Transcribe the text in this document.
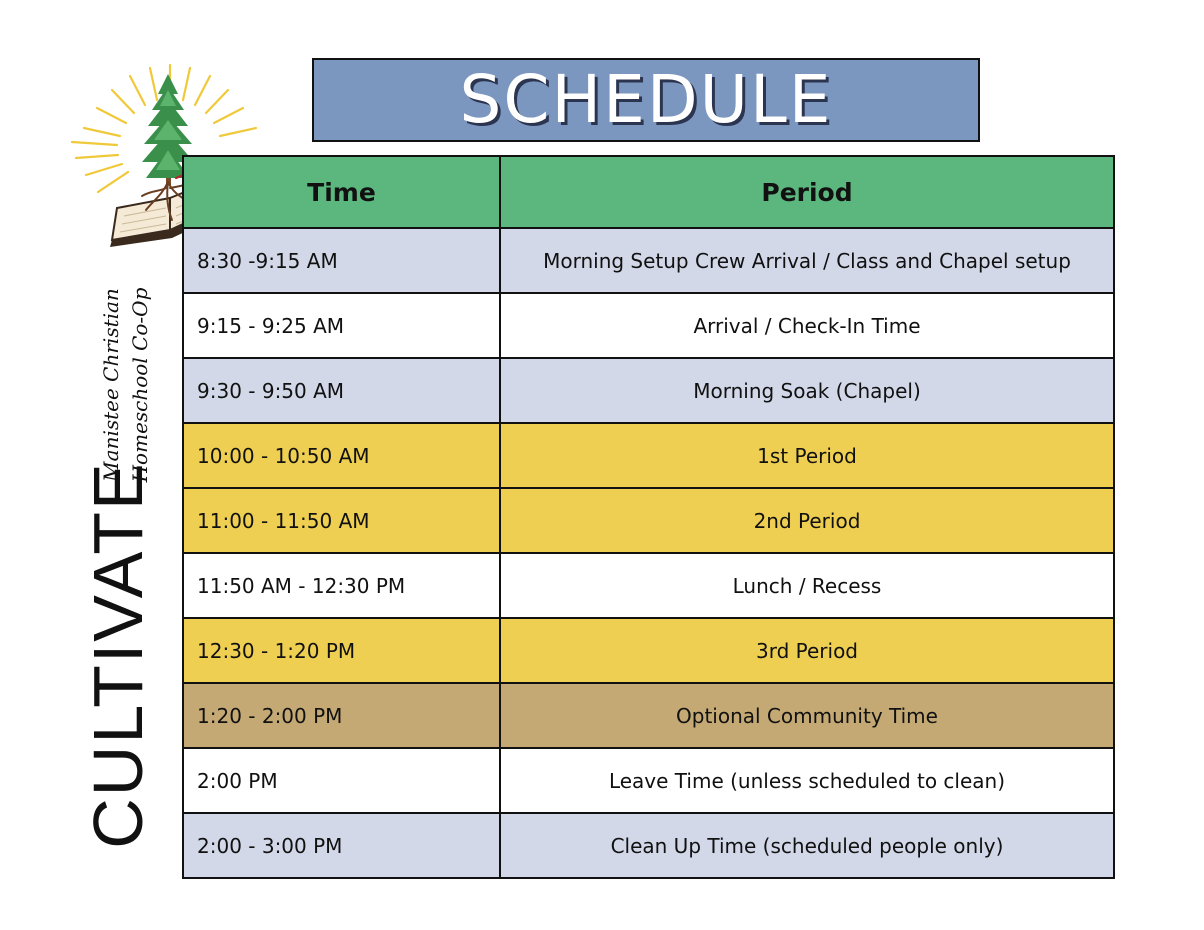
SCHEDULE
Manistee Christian Homeschool Co-Op
CULTIVATE
Time	Period
8:30 -9:15 AM	Morning Setup Crew Arrival / Class and Chapel setup
9:15 - 9:25 AM	Arrival / Check-In Time
9:30 - 9:50 AM	Morning Soak (Chapel)
10:00 - 10:50 AM	1st Period
11:00 - 11:50 AM	2nd Period
11:50 AM - 12:30 PM	Lunch / Recess
12:30 - 1:20 PM	3rd Period
1:20 - 2:00 PM	Optional Community Time
2:00 PM	Leave Time (unless scheduled to clean)
2:00 - 3:00 PM	Clean Up Time (scheduled people only)
